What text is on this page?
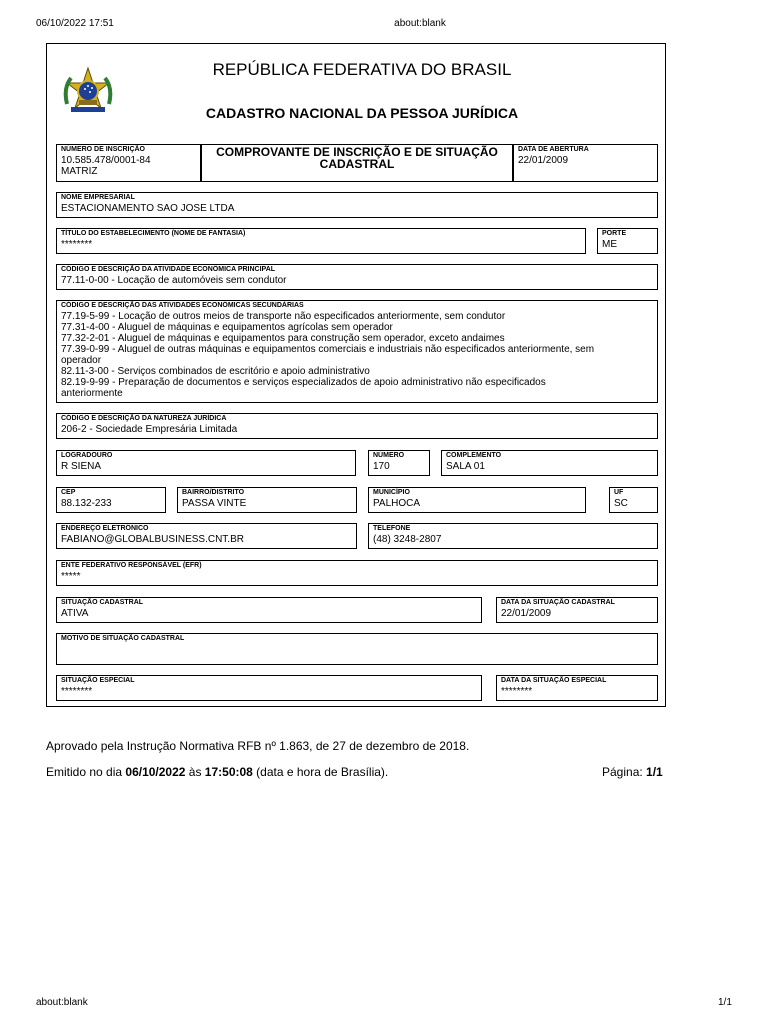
06/10/2022 17:51	about:blank
about:blank	1/1
REPÚBLICA FEDERATIVA DO BRASIL
CADASTRO NACIONAL DA PESSOA JURÍDICA
NÚMERO DE INSCRIÇÃO
10.585.478/0001-84
MATRIZ
COMPROVANTE DE INSCRIÇÃO E DE SITUAÇÃO
CADASTRAL
DATA DE ABERTURA
22/01/2009
NOME EMPRESARIAL
ESTACIONAMENTO SAO JOSE LTDA
TÍTULO DO ESTABELECIMENTO (NOME DE FANTASIA)
********
PORTE
ME
CÓDIGO E DESCRIÇÃO DA ATIVIDADE ECONÔMICA PRINCIPAL
77.11-0-00 - Locação de automóveis sem condutor
CÓDIGO E DESCRIÇÃO DAS ATIVIDADES ECONÔMICAS SECUNDÁRIAS
77.19-5-99 - Locação de outros meios de transporte não especificados anteriormente, sem condutor
77.31-4-00 - Aluguel de máquinas e equipamentos agrícolas sem operador
77.32-2-01 - Aluguel de máquinas e equipamentos para construção sem operador, exceto andaimes
77.39-0-99 - Aluguel de outras máquinas e equipamentos comerciais e industriais não especificados anteriormente, sem
operador
82.11-3-00 - Serviços combinados de escritório e apoio administrativo
82.19-9-99 - Preparação de documentos e serviços especializados de apoio administrativo não especificados
anteriormente
CÓDIGO E DESCRIÇÃO DA NATUREZA JURÍDICA
206-2 - Sociedade Empresária Limitada
LOGRADOURO
R SIENA
NÚMERO
170
COMPLEMENTO
SALA 01
CEP
88.132-233
BAIRRO/DISTRITO
PASSA VINTE
MUNICÍPIO
PALHOCA
UF
SC
ENDEREÇO ELETRÔNICO
FABIANO@GLOBALBUSINESS.CNT.BR
TELEFONE
(48) 3248-2807
ENTE FEDERATIVO RESPONSÁVEL (EFR)
*****
SITUAÇÃO CADASTRAL
ATIVA
DATA DA SITUAÇÃO CADASTRAL
22/01/2009
MOTIVO DE SITUAÇÃO CADASTRAL
SITUAÇÃO ESPECIAL
********
DATA DA SITUAÇÃO ESPECIAL
********
Aprovado pela Instrução Normativa RFB nº 1.863, de 27 de dezembro de 2018.
Emitido no dia 06/10/2022 às 17:50:08 (data e hora de Brasília).	Página: 1/1
